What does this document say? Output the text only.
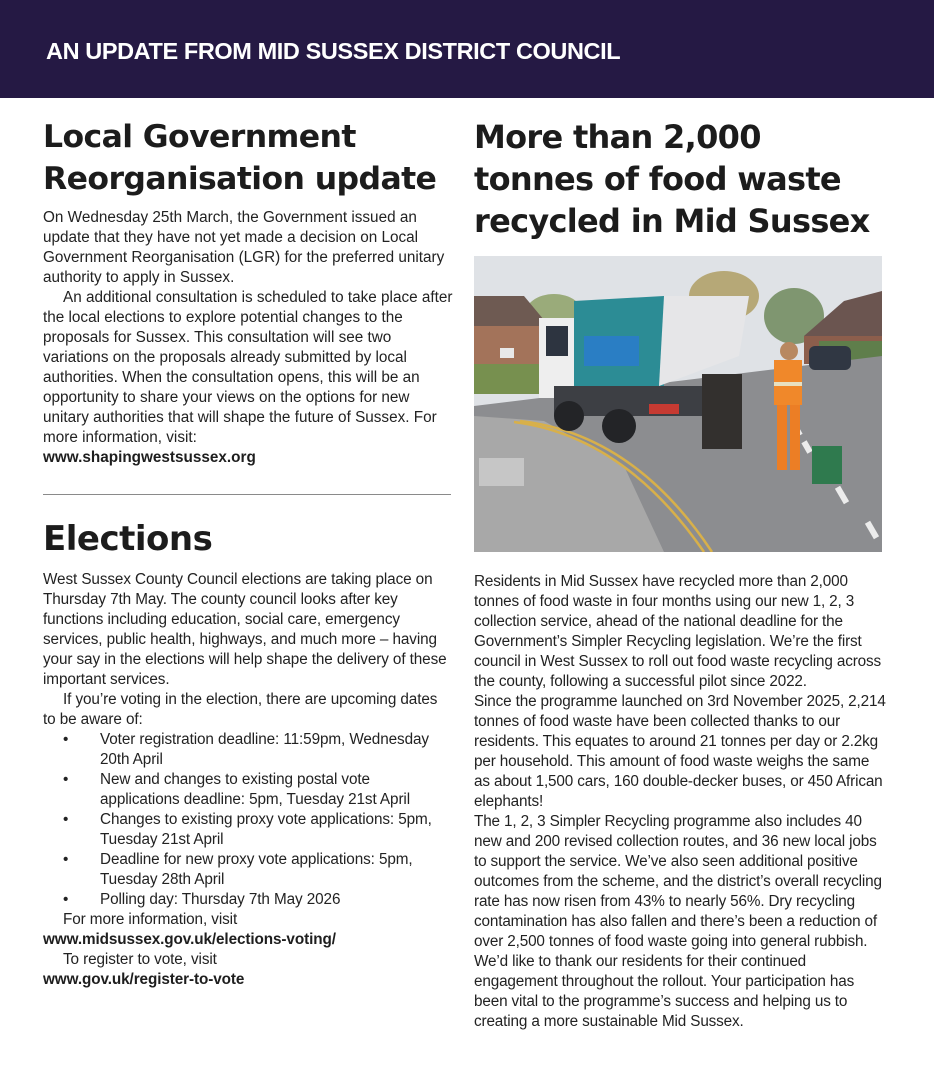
AN UPDATE FROM MID SUSSEX DISTRICT COUNCIL
Local Government
Reorganisation update

On Wednesday 25th March, the Government issued an update that they have not yet made a decision on Local Government Reorganisation (LGR) for the preferred unitary authority to apply in Sussex.

An additional consultation is scheduled to take place after the local elections to explore potential changes to the proposals for Sussex. This consultation will see two variations on the proposals already submitted by local authorities. When the consultation opens, this will be an opportunity to share your views on the options for new unitary authorities that will shape the future of Sussex. For more information, visit:

www.shapingwestsussex.org
Elections

West Sussex County Council elections are taking place on Thursday 7th May. The county council looks after key functions including education, social care, emergency services, public health, highways, and much more – having your say in the elections will help shape the delivery of these important services.

If you’re voting in the election, there are upcoming dates to be aware of:

• Voter registration deadline: 11:59pm, Wednesday 20th April
• New and changes to existing postal vote applications deadline: 5pm, Tuesday 21st April
• Changes to existing proxy vote applications: 5pm, Tuesday 21st April
• Deadline for new proxy vote applications: 5pm, Tuesday 28th April
• Polling day: Thursday 7th May 2026

For more information, visit

www.midsussex.gov.uk/elections-voting/

To register to vote, visit

www.gov.uk/register-to-vote
More than 2,000
tonnes of food waste
recycled in Mid Sussex

Residents in Mid Sussex have recycled more than 2,000 tonnes of food waste in four months using our new 1, 2, 3 collection service, ahead of the national deadline for the Government’s Simpler Recycling legislation. We’re the first council in West Sussex to roll out food waste recycling across the county, following a successful pilot since 2022.

Since the programme launched on 3rd November 2025, 2,214 tonnes of food waste have been collected thanks to our residents. This equates to around 21 tonnes per day or 2.2kg per household. This amount of food waste weighs the same as about 1,500 cars, 160 double-decker buses, or 450 African elephants!

The 1, 2, 3 Simpler Recycling programme also includes 40 new and 200 revised collection routes, and 36 new local jobs to support the service. We’ve also seen additional positive outcomes from the scheme, and the district’s overall recycling rate has now risen from 43% to nearly 56%. Dry recycling contamination has also fallen and there’s been a reduction of over 2,500 tonnes of food waste going into general rubbish.

We’d like to thank our residents for their continued engagement throughout the rollout. Your participation has been vital to the programme’s success and helping us to creating a more sustainable Mid Sussex.
